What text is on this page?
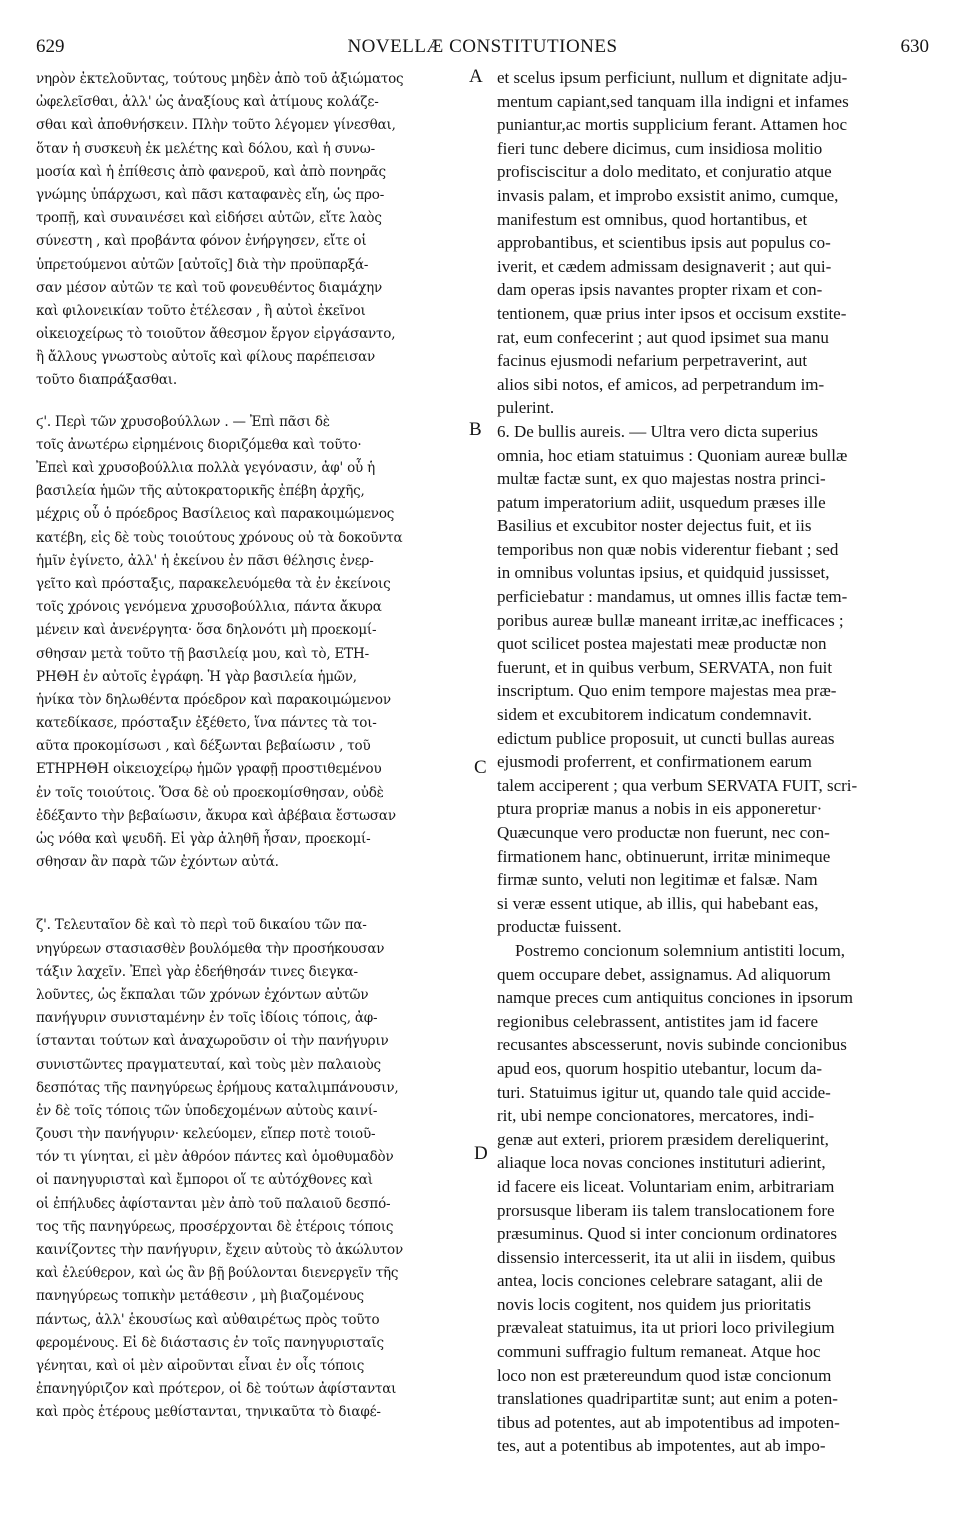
NOVELLÆ CONSTITUTIONES
629	630
νηρὸν ἐκτελοῦντας, τούτους μηδὲν ἀπὸ τοῦ ἀξιώματος
ὠφελεῖσθαι, ἀλλ' ὡς ἀναξίους καὶ ἀτίμους κολάζε-
σθαι καὶ ἀποθνήσκειν. Πλὴν τοῦτο λέγομεν γίνεσθαι,
ὅταν ἡ συσκευὴ ἐκ μελέτης καὶ δόλου, καὶ ἡ συνω-
μοσία καὶ ἡ ἐπίθεσις ἀπὸ φανεροῦ, καὶ ἀπὸ πονηρᾶς
γνώμης ὑπάρχωσι, καὶ πᾶσι καταφανὲς εἴη, ὡς προ-
τροπῇ, καὶ συναινέσει καὶ εἰδήσει αὐτῶν, εἴτε λαὸς
σύνεστη , καὶ προβάντα φόνον ἐνήργησεν, εἴτε οἱ
ὑπρετούμενοι αὐτῶν [αὐτοῖς] διὰ τὴν προϋπαρξά-
σαν μέσον αὐτῶν τε καὶ τοῦ φονευθέντος διαμάχην
καὶ φιλονεικίαν τοῦτο ἐτέλεσαν , ἢ αὐτοὶ ἐκεῖνοι
οἰκειοχείρως τὸ τοιοῦτον ἄθεσμον ἔργον εἰργάσαντο,
ἢ ἄλλους γνωστοὺς αὐτοῖς καὶ φίλους παρέπεισαν
τοῦτο διαπράξασθαι.
ϛ'. Περὶ τῶν χρυσοβούλλων . — Ἐπὶ πᾶσι δὲ
τοῖς ἀνωτέρω εἰρημένοις διοριζόμεθα καὶ τοῦτο·
Ἐπεὶ καὶ χρυσοβούλλια πολλὰ γεγόνασιν, ἀφ' οὗ ἡ
βασιλεία ἡμῶν τῆς αὐτοκρατορικῆς ἐπέβη ἀρχῆς,
μέχρις οὗ ὁ πρόεδρος Βασίλειος καὶ παρακοιμώμενος
κατέβη, εἰς δὲ τοὺς τοιούτους χρόνους οὐ τὰ δοκοῦντα
ἡμῖν ἐγίνετο, ἀλλ' ἡ ἐκείνου ἐν πᾶσι θέλησις ἐνερ-
γεῖτο καὶ πρόσταξις, παρακελευόμεθα τὰ ἐν ἐκείνοις
τοῖς χρόνοις γενόμενα χρυσοβούλλια, πάντα ἄκυρα
μένειν καὶ ἀνενέργητα· ὅσα δηλονότι μὴ προεκομί-
σθησαν μετὰ τοῦτο τῇ βασιλείᾳ μου, καὶ τὸ, ΕΤΗ-
ΡΗΘΗ ἐν αὐτοῖς ἐγράφη. Ἡ γὰρ βασιλεία ἡμῶν,
ἡνίκα τὸν δηλωθέντα πρόεδρον καὶ παρακοιμώμενον
κατεδίκασε, πρόσταξιν ἐξέθετο, ἵνα πάντες τὰ τοι-
αῦτα προκομίσωσι , καὶ δέξωνται βεβαίωσιν , τοῦ
ΕΤΗΡΗΘΗ οἰκειοχείρῳ ἡμῶν γραφῇ προστιθεμένου
ἐν τοῖς τοιούτοις. Ὅσα δὲ οὐ προεκομίσθησαν, οὐδὲ
ἐδέξαντο τὴν βεβαίωσιν, ἄκυρα καὶ ἀβέβαια ἔστωσαν
ὡς νόθα καὶ ψευδῆ. Εἰ γὰρ ἀληθῆ ἦσαν, προεκομί-
σθησαν ἂν παρὰ τῶν ἐχόντων αὐτά.
ζ'. Τελευταῖον δὲ καὶ τὸ περὶ τοῦ δικαίου τῶν πα-
νηγύρεων στασιασθὲν βουλόμεθα τὴν προσήκουσαν
τάξιν λαχεῖν. Ἐπεὶ γὰρ ἐδεήθησάν τινες διεγκα-
λοῦντες, ὡς ἔκπαλαι τῶν χρόνων ἐχόντων αὐτῶν
πανήγυριν συνισταμένην ἐν τοῖς ἰδίοις τόποις, ἀφ-
ίστανται τούτων καὶ ἀναχωροῦσιν οἱ τὴν πανήγυριν
συνιστῶντες πραγματευταί, καὶ τοὺς μὲν παλαιοὺς
δεσπότας τῆς πανηγύρεως ἐρήμους καταλιμπάνουσιν,
ἐν δὲ τοῖς τόποις τῶν ὑποδεχομένων αὐτοὺς καινί-
ζουσι τὴν πανήγυριν· κελεύομεν, εἴπερ ποτὲ τοιοῦ-
τόν τι γίνηται, εἰ μὲν ἀθρόον πάντες καὶ ὁμοθυμαδὸν
οἱ πανηγυρισταὶ καὶ ἔμποροι οἵ τε αὐτόχθονες καὶ
οἱ ἐπήλυδες ἀφίστανται μὲν ἀπὸ τοῦ παλαιοῦ δεσπό-
τος τῆς πανηγύρεως, προσέρχονται δὲ ἑτέροις τόποις
καινίζοντες τὴν πανήγυριν, ἔχειν αὐτοὺς τὸ ἀκώλυτον
καὶ ἐλεύθερον, καὶ ὡς ἂν βῇ βούλονται διενεργεῖν τῆς
πανηγύρεως τοπικὴν μετάθεσιν , μὴ βιαζομένους
πάντως, ἀλλ' ἑκουσίως καὶ αὐθαιρέτως πρὸς τοῦτο
φερομένους. Εἰ δὲ διάστασις ἐν τοῖς πανηγυρισταῖς
γένηται, καὶ οἱ μὲν αἱροῦνται εἶναι ἐν οἷς τόποις
ἐπανηγύριζον καὶ πρότερον, οἱ δὲ τούτων ἀφίστανται
καὶ πρὸς ἑτέρους μεθίστανται, τηνικαῦτα τὸ διαφέ-
et scelus ipsum perficiunt, nullum et dignitate adju-
mentum capiant,sed tanquam illa indigni et infames
puniantur,ac mortis supplicium ferant. Attamen hoc
fieri tunc debere dicimus, cum insidiosa molitio
profisciscitur a dolo meditato, et conjuratio atque
invasis palam, et improbo exsistit animo, cumque,
manifestum est omnibus, quod hortantibus, et
approbantibus, et scientibus ipsis aut populus co-
iverit, et cædem admissam designaverit ; aut qui-
dam operas ipsis navantes propter rixam et con-
tentionem, quæ prius inter ipsos et occisum exstite-
rat, eum confecerint ; aut quod ipsimet sua manu
facinus ejusmodi nefarium perpetraverint, aut
alios sibi notos, ef amicos, ad perpetrandum im-
pulerint.
6. De bullis aureis. — Ultra vero dicta superius
omnia, hoc etiam statuimus : Quoniam aureæ bullæ
multæ factæ sunt, ex quo majestas nostra princi-
patum imperatorium adiit, usquedum præses ille
Basilius et excubitor noster dejectus fuit, et iis
temporibus non quæ nobis viderentur fiebant ; sed
in omnibus voluntas ipsius, et quidquid jussisset,
perficiebatur : mandamus, ut omnes illis factæ tem-
poribus aureæ bullæ maneant irritæ,ac inefficaces ;
quot scilicet postea majestati meæ productæ non
fuerunt, et in quibus verbum, SERVATA, non fuit
inscriptum. Quo enim tempore majestas mea præ-
sidem et excubitorem indicatum condemnavit.
edictum publice proposuit, ut cuncti bullas aureas
ejusmodi proferrent, et confirmationem earum
talem acciperent ; qua verbum SERVATA FUIT, scri-
ptura propriæ manus a nobis in eis apponeretur·
Quæcunque vero productæ non fuerunt, nec con-
firmationem hanc, obtinuerunt, irritæ minimeque
firmæ sunto, veluti non legitimæ et falsæ. Nam
si veræ essent utique, ab illis, qui habebant eas,
productæ fuissent.
Postremo concionum solemnium antistiti locum,
quem occupare debet, assignamus. Ad aliquorum
namque preces cum antiquitus conciones in ipsorum
regionibus celebrassent, antistites jam id facere
recusantes abscesserunt, novis subinde concionibus
apud eos, quorum hospitio utebantur, locum da-
turi. Statuimus igitur ut, quando tale quid accide-
rit, ubi nempe concionatores, mercatores, indi-
genæ aut exteri, priorem præsidem dereliquerint,
aliaque loca novas conciones instituturi adierint,
id facere eis liceat. Voluntariam enim, arbitrariam
prorsusque liberam iis talem translocationem fore
præsuminus. Quod si inter concionum ordinatores
dissensio intercesserit, ita ut alii in iisdem, quibus
antea, locis conciones celebrare satagant, alii de
novis locis cogitent, nos quidem jus prioritatis
prævaleat statuimus, ita ut priori loco privilegium
communi suffragio fultum remaneat. Atque hoc
loco non est prætereundum quod istæ concionum
translationes quadripartitæ sunt; aut enim a poten-
tibus ad potentes, aut ab impotentibus ad impoten-
tes, aut a potentibus ab impotentes, aut ab impo-
A
B
C
D
